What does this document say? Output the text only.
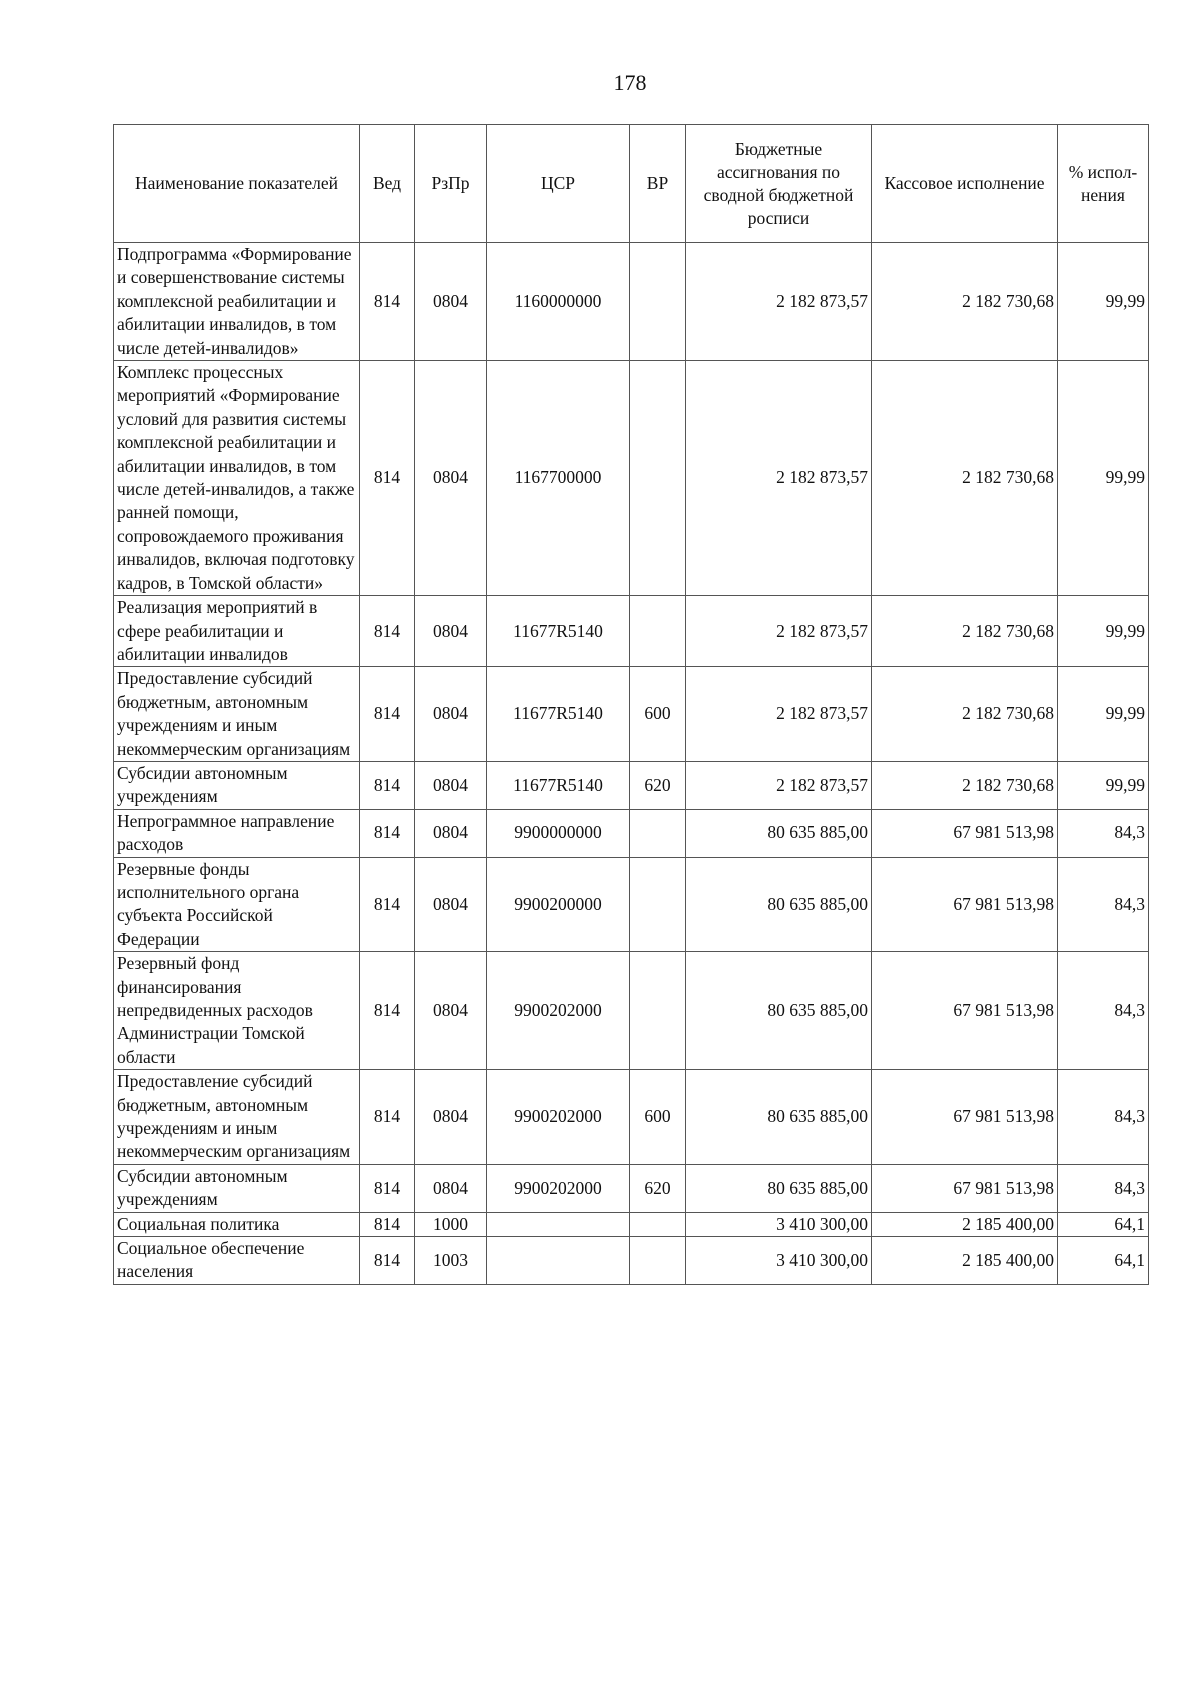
178
Наименование показателей	Вед	РзПр	ЦСР	ВР	Бюджетные ассигнования по сводной бюджетной росписи	Кассовое исполнение	% испол- нения
Подпрограмма «Формирование и совершенствование системы комплексной реабилитации и абилитации инвалидов, в том числе детей-инвалидов»	814	0804	1160000000		2 182 873,57	2 182 730,68	99,99
Комплекс процессных мероприятий «Формирование условий для развития системы комплексной реабилитации и абилитации инвалидов, в том числе детей-инвалидов, а также ранней помощи, сопровождаемого проживания инвалидов, включая подготовку кадров, в Томской области»	814	0804	1167700000		2 182 873,57	2 182 730,68	99,99
Реализация мероприятий в сфере реабилитации и абилитации инвалидов	814	0804	11677R5140		2 182 873,57	2 182 730,68	99,99
Предоставление субсидий бюджетным, автономным учреждениям и иным некоммерческим организациям	814	0804	11677R5140	600	2 182 873,57	2 182 730,68	99,99
Субсидии автономным учреждениям	814	0804	11677R5140	620	2 182 873,57	2 182 730,68	99,99
Непрограммное направление расходов	814	0804	9900000000		80 635 885,00	67 981 513,98	84,3
Резервные фонды исполнительного органа субъекта Российской Федерации	814	0804	9900200000		80 635 885,00	67 981 513,98	84,3
Резервный фонд финансирования непредвиденных расходов Администрации Томской области	814	0804	9900202000		80 635 885,00	67 981 513,98	84,3
Предоставление субсидий бюджетным, автономным учреждениям и иным некоммерческим организациям	814	0804	9900202000	600	80 635 885,00	67 981 513,98	84,3
Субсидии автономным учреждениям	814	0804	9900202000	620	80 635 885,00	67 981 513,98	84,3
Социальная политика	814	1000			3 410 300,00	2 185 400,00	64,1
Социальное обеспечение населения	814	1003			3 410 300,00	2 185 400,00	64,1
